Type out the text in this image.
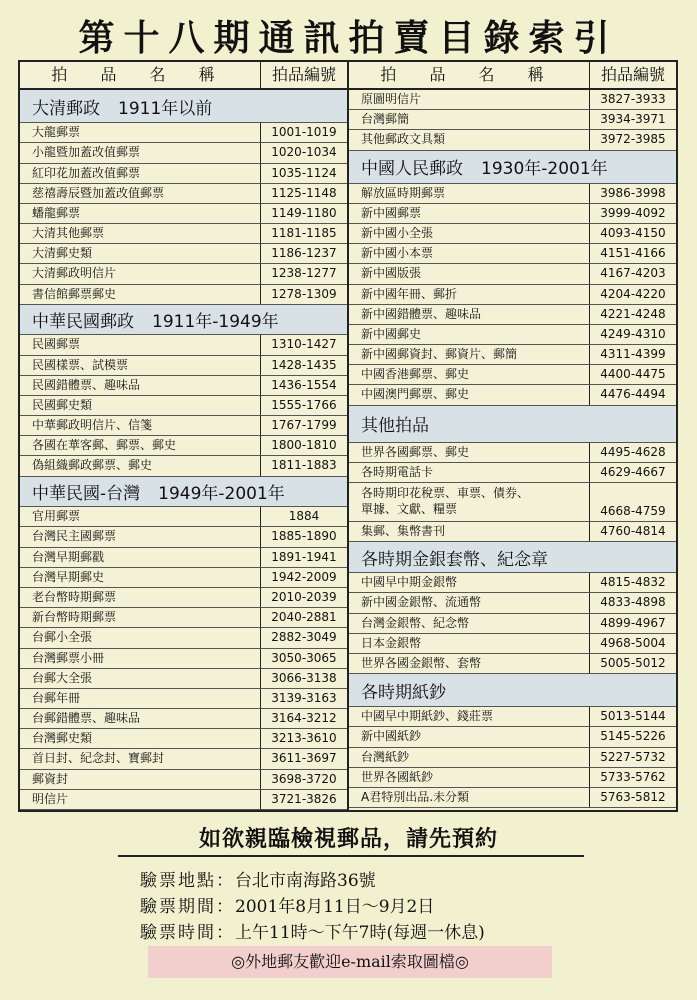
第十八期通訊拍賣目錄索引
拍 品 名 稱	拍品編號
大清郵政 1911年以前
大龍郵票	1001-1019
小龍暨加蓋改值郵票	1020-1034
紅印花加蓋改值郵票	1035-1124
慈禧壽辰暨加蓋改值郵票	1125-1148
蟠龍郵票	1149-1180
大清其他郵票	1181-1185
大清郵史類	1186-1237
大清郵政明信片	1238-1277
書信館郵票郵史	1278-1309
中華民國郵政 1911年-1949年
民國郵票	1310-1427
民國樣票、試模票	1428-1435
民國錯體票、趣味品	1436-1554
民國郵史類	1555-1766
中華郵政明信片、信箋	1767-1799
各國在華客郵、郵票、郵史	1800-1810
偽組織郵政郵票、郵史	1811-1883
中華民國-台灣 1949年-2001年
官用郵票	1884
台灣民主國郵票	1885-1890
台灣早期郵戳	1891-1941
台灣早期郵史	1942-2009
老台幣時期郵票	2010-2039
新台幣時期郵票	2040-2881
台郵小全張	2882-3049
台灣郵票小冊	3050-3065
台郵大全張	3066-3138
台郵年冊	3139-3163
台郵錯體票、趣味品	3164-3212
台灣郵史類	3213-3610
首日封、紀念封、寶郵封	3611-3697
郵資封	3698-3720
明信片	3721-3826
拍 品 名 稱	拍品編號
原圖明信片	3827-3933
台灣郵簡	3934-3971
其他郵政文具類	3972-3985
中國人民郵政 1930年-2001年
解放區時期郵票	3986-3998
新中國郵票	3999-4092
新中國小全張	4093-4150
新中國小本票	4151-4166
新中國版張	4167-4203
新中國年冊、郵折	4204-4220
新中國錯體票、趣味品	4221-4248
新中國郵史	4249-4310
新中國郵資封、郵資片、郵簡	4311-4399
中國香港郵票、郵史	4400-4475
中國澳門郵票、郵史	4476-4494
其他拍品
世界各國郵票、郵史	4495-4628
各時期電話卡	4629-4667
各時期印花稅票、車票、債券、
單據、文獻、糧票	4668-4759
集郵、集幣書刊	4760-4814
各時期金銀套幣、紀念章
中國早中期金銀幣	4815-4832
新中國金銀幣、流通幣	4833-4898
台灣金銀幣、紀念幣	4899-4967
日本金銀幣	4968-5004
世界各國金銀幣、套幣	5005-5012
各時期紙鈔
中國早中期紙鈔、錢莊票	5013-5144
新中國紙鈔	5145-5226
台灣紙鈔	5227-5732
世界各國紙鈔	5733-5762
A君特別出品.未分類	5763-5812
如欲親臨檢視郵品，請先預約
驗票地點：台北市南海路36號
驗票期間：2001年8月11日～9月2日
驗票時間：上午11時～下午7時(每週一休息)
◎外地郵友歡迎e-mail索取圖檔◎
